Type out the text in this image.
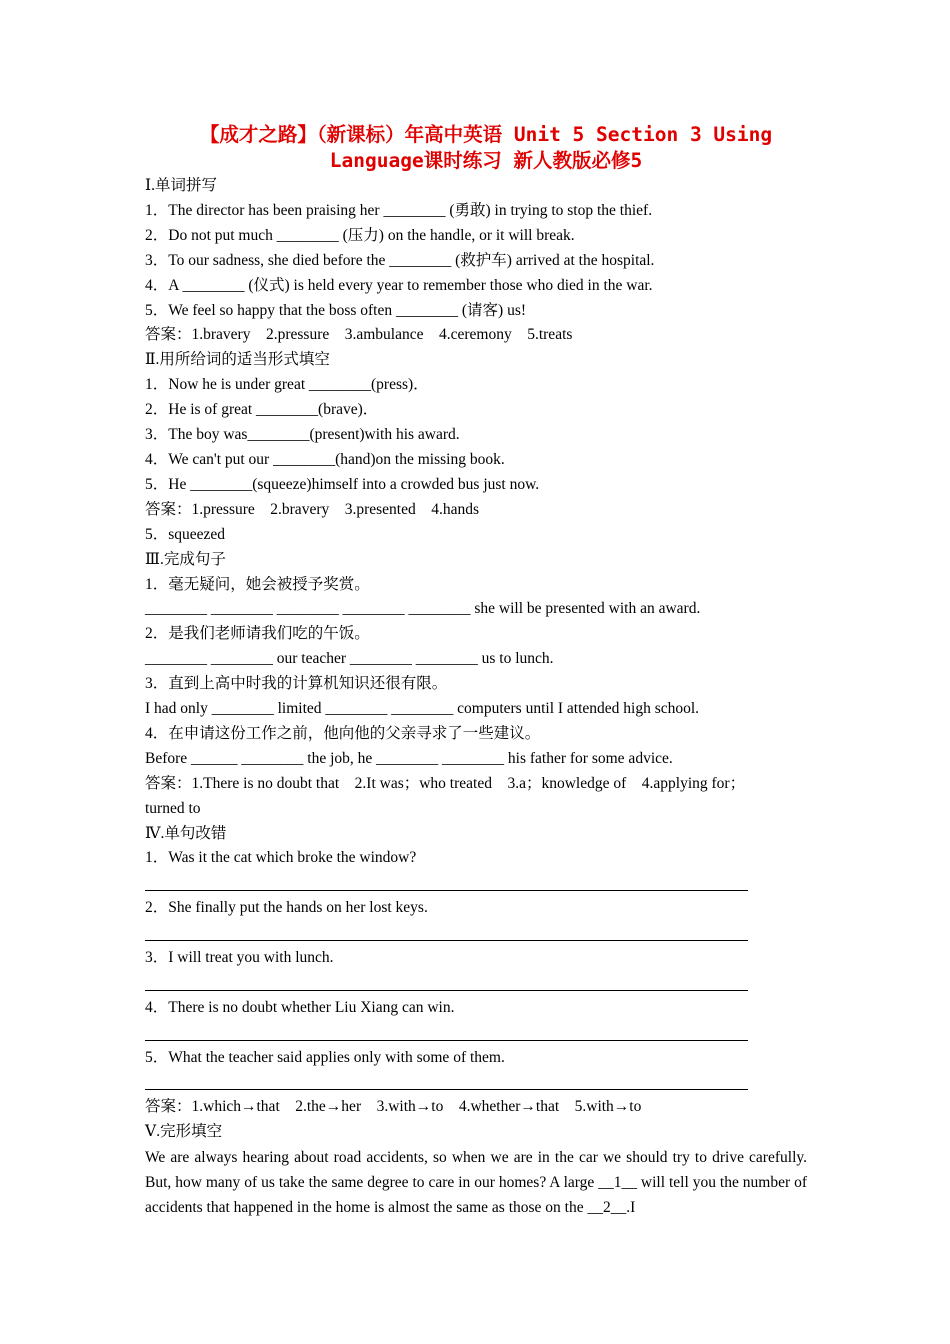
【成才之路】（新课标）年高中英语 Unit 5 Section 3 Using
Language课时练习 新人教版必修5
Ⅰ.单词拼写
1．The director has been praising her ________ (勇敢) in trying to stop the thief.
2．Do not put much ________ (压力) on the handle, or it will break.
3．To our sadness, she died before the ________ (救护车) arrived at the hospital.
4．A ________ (仪式) is held every year to remember those who died in the war.
5．We feel so happy that the boss often ________ (请客) us!
答案：1.bravery　2.pressure　3.ambulance　4.ceremony　5.treats
Ⅱ.用所给词的适当形式填空
1．Now he is under great ________(press)．
2．He is of great ________(brave)．
3．The boy was________(present)with his award.
4．We can't put our ________(hand)on the missing book.
5．He ________(squeeze)himself into a crowded bus just now.
答案：1.pressure　2.bravery　3.presented　4.hands
5．squeezed
Ⅲ.完成句子
1．毫无疑问，她会被授予奖赏。
________ ________ ________ ________ ________ she will be presented with an award.
2．是我们老师请我们吃的午饭。
________ ________ our teacher ________ ________ us to lunch.
3．直到上高中时我的计算机知识还很有限。
I had only ________ limited ________ ________ computers until I attended high school.
4．在申请这份工作之前，他向他的父亲寻求了一些建议。
Before ______ ________ the job, he ________ ________ his father for some advice.
答案：1.There is no doubt that　2.It was；who treated　3.a；knowledge of　4.applying for；
turned to
Ⅳ.单句改错
1．Was it the cat which broke the window?
2．She finally put the hands on her lost keys.
3．I will treat you with lunch.
4．There is no doubt whether Liu Xiang can win.
5．What the teacher said applies only with some of them.
答案：1.which→that　2.the→her　3.with→to　4.whether→that　5.with→to
Ⅴ.完形填空
We are always hearing about road accidents, so when we are in the car we should try to drive carefully. But, how many of us take the same degree to care in our homes? A large __1__ will tell you the number of accidents that happened in the home is almost the same as those on the __2__.I
